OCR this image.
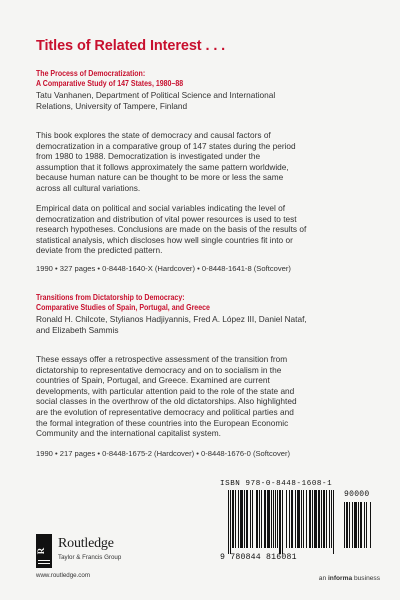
Titles of Related Interest . . .
The Process of Democratization:
A Comparative Study of 147 States, 1980–88
Tatu Vanhanen, Department of Political Science and International
Relations, University of Tampere, Finland
This book explores the state of democracy and causal factors of
democratization in a comparative group of 147 states during the period
from 1980 to 1988. Democratization is investigated under the
assumption that it follows approximately the same pattern worldwide,
because human nature can be thought to be more or less the same
across all cultural variations.
Empirical data on political and social variables indicating the level of
democratization and distribution of vital power resources is used to test
research hypotheses. Conclusions are made on the basis of the results of
statistical analysis, which discloses how well single countries fit into or
deviate from the predicted pattern.
1990 • 327 pages • 0-8448-1640-X (Hardcover) • 0-8448-1641-8 (Softcover)
Transitions from Dictatorship to Democracy:
Comparative Studies of Spain, Portugal, and Greece
Ronald H. Chilcote, Stylianos Hadjiyannis, Fred A. López III, Daniel Nataf,
and Elizabeth Sammis
These essays offer a retrospective assessment of the transition from
dictatorship to representative democracy and on to socialism in the
countries of Spain, Portugal, and Greece. Examined are current
developments, with particular attention paid to the role of the state and
social classes in the overthrow of the old dictatorships. Also highlighted
are the evolution of representative democracy and political parties and
the formal integration of these countries into the European Economic
Community and the international capitalist system.
1990 • 217 pages • 0-8448-1675-2 (Hardcover) • 0-8448-1676-0 (Softcover)
ISBN 978-0-8448-1608-1
90000
9 780844 816081
R Routledge
Taylor & Francis Group
www.routledge.com	an informa business
